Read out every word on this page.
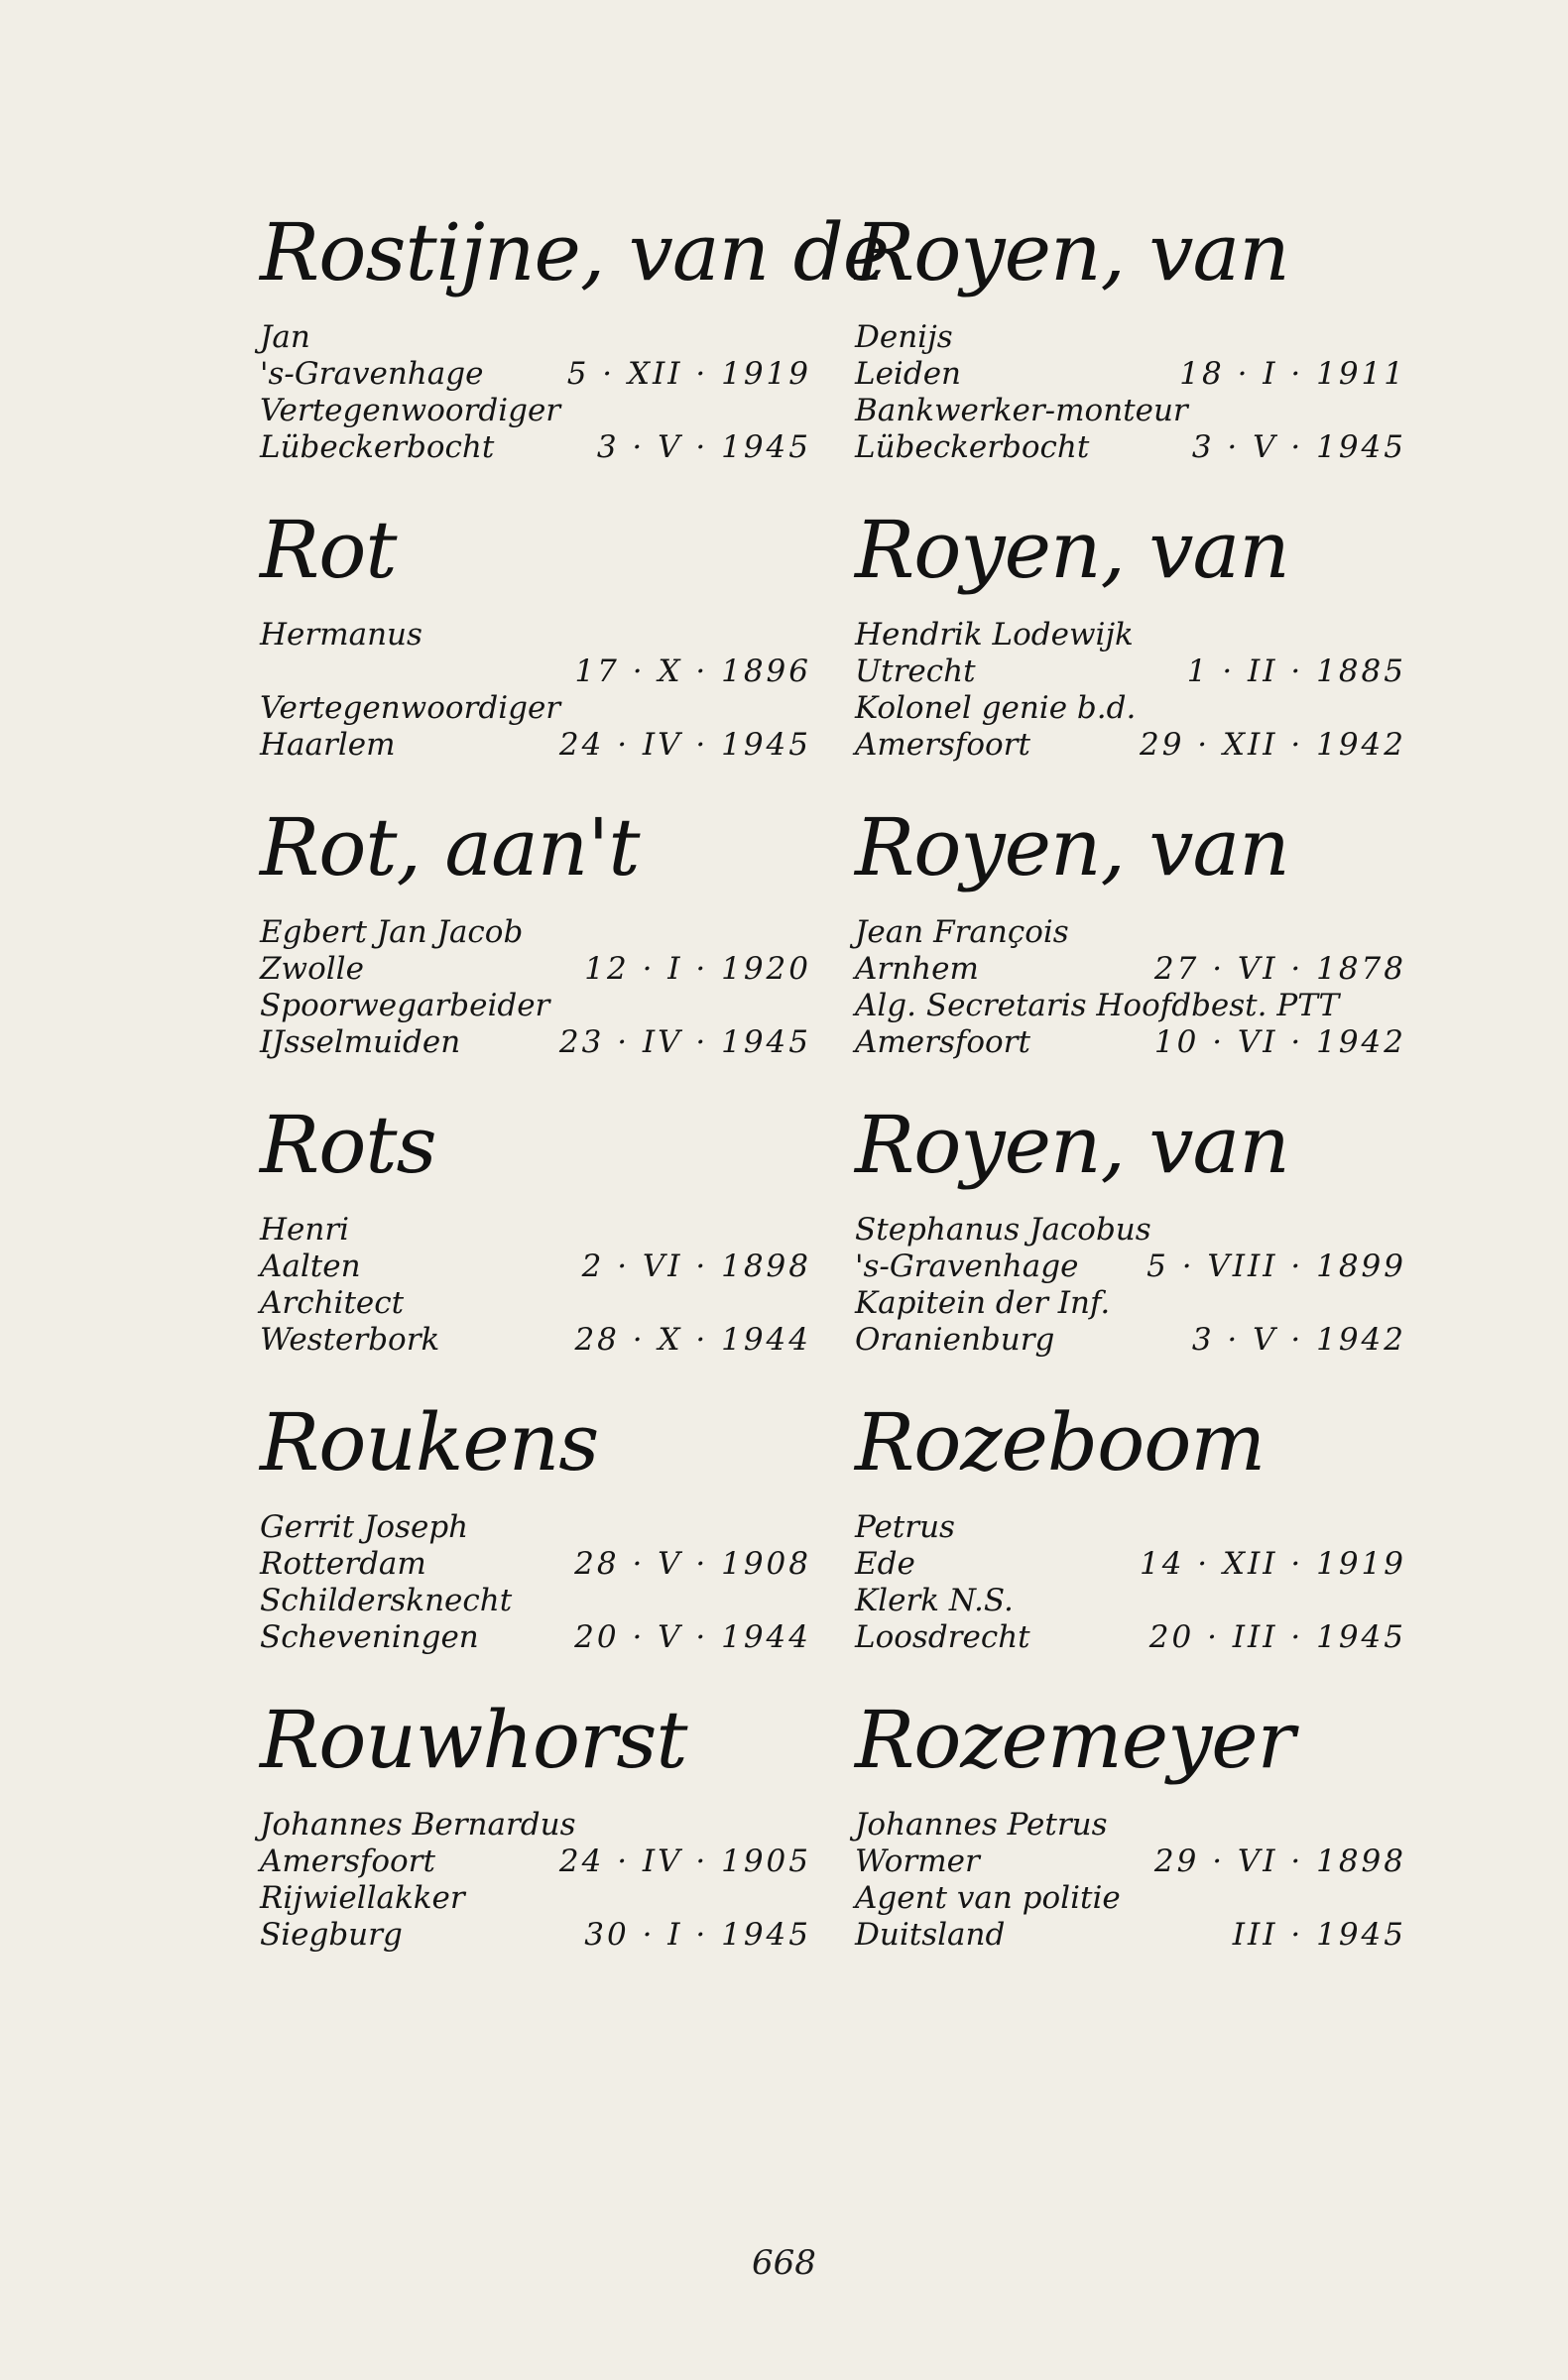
Rostijne, van de
Jan
's-Gravenhage	5 · XII · 1919
Vertegenwoordiger
Lübeckerbocht	3 · V · 1945
Rot
Hermanus
17 · X · 1896
Vertegenwoordiger
Haarlem	24 · IV · 1945
Rot, aan't
Egbert Jan Jacob
Zwolle	12 · I · 1920
Spoorwegarbeider
IJsselmuiden	23 · IV · 1945
Rots
Henri
Aalten	2 · VI · 1898
Architect
Westerbork	28 · X · 1944
Roukens
Gerrit Joseph
Rotterdam	28 · V · 1908
Schildersknecht
Scheveningen	20 · V · 1944
Rouwhorst
Johannes Bernardus
Amersfoort	24 · IV · 1905
Rijwiellakker
Siegburg	30 · I · 1945
Royen, van
Denijs
Leiden	18 · I · 1911
Bankwerker-monteur
Lübeckerbocht	3 · V · 1945
Royen, van
Hendrik Lodewijk
Utrecht	1 · II · 1885
Kolonel genie b.d.
Amersfoort	29 · XII · 1942
Royen, van
Jean François
Arnhem	27 · VI · 1878
Alg. Secretaris Hoofdbest. PTT
Amersfoort	10 · VI · 1942
Royen, van
Stephanus Jacobus
's-Gravenhage 5 · VIII · 1899
Kapitein der Inf.
Oranienburg	3 · V · 1942
Rozeboom
Petrus
Ede	14 · XII · 1919
Klerk N.S.
Loosdrecht	20 · III · 1945
Rozemeyer
Johannes Petrus
Wormer	29 · VI · 1898
Agent van politie
Duitsland	III · 1945
668
